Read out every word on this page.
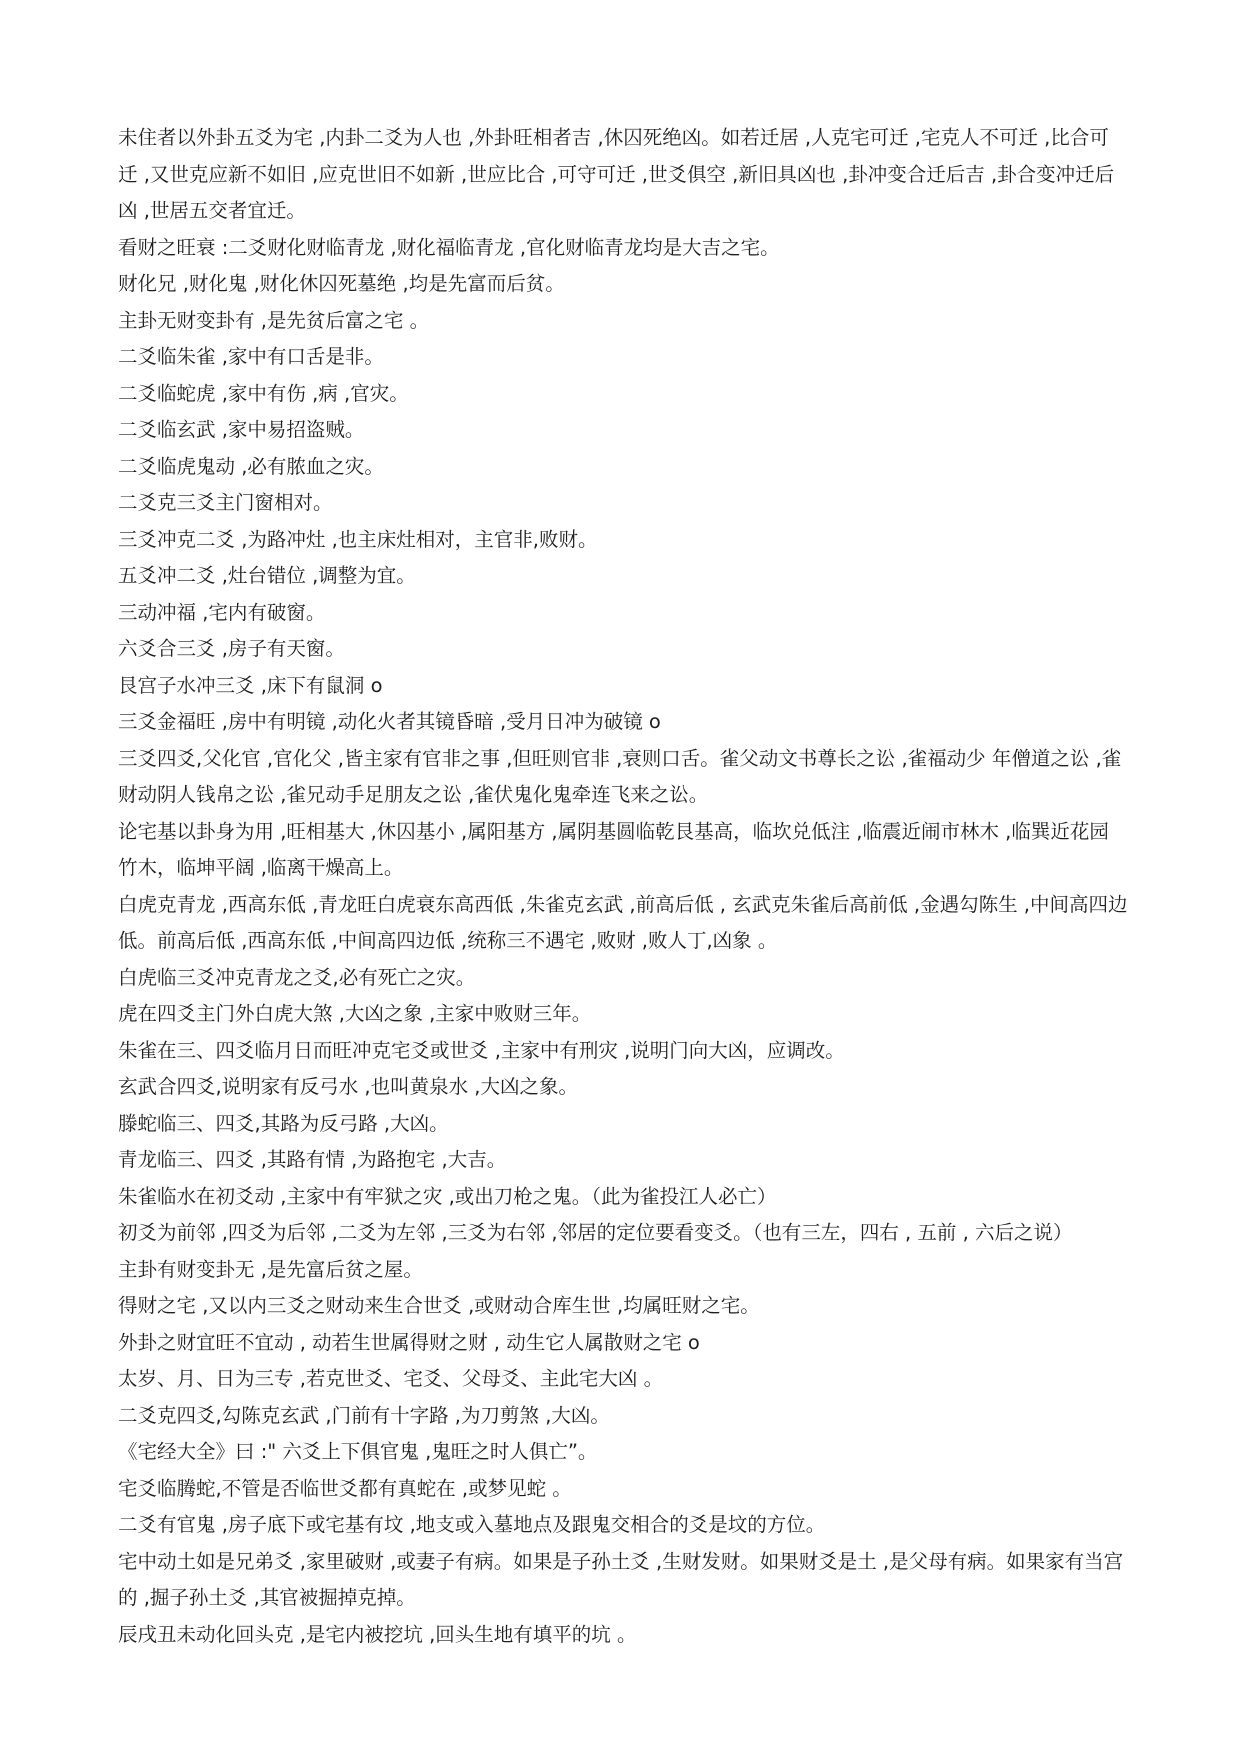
未住者以外卦五爻为宅 ,内卦二爻为人也 ,外卦旺相者吉 ,休囚死绝凶。如若迁居 ,人克宅可迁 ,宅克人不可迁 ,比合可迁 ,又世克应新不如旧 ,应克世旧不如新 ,世应比合 ,可守可迁 ,世爻俱空 ,新旧具凶也 ,卦冲变合迁后吉 ,卦合变冲迁后凶 ,世居五交者宜迁。

看财之旺衰 :二爻财化财临青龙 ,财化福临青龙 ,官化财临青龙均是大吉之宅。

财化兄 ,财化鬼 ,财化休囚死墓绝 ,均是先富而后贫。

主卦无财变卦有 ,是先贫后富之宅 。

二爻临朱雀 ,家中有口舌是非。

二爻临蛇虎 ,家中有伤 ,病 ,官灾。

二爻临玄武 ,家中易招盗贼。

二爻临虎鬼动 ,必有脓血之灾。

二爻克三爻主门窗相对。

三爻冲克二爻 ,为路冲灶 ,也主床灶相对，主官非,败财。

五爻冲二爻 ,灶台错位 ,调整为宜。

三动冲福 ,宅内有破窗。

六爻合三爻 ,房子有天窗。

艮宫子水冲三爻 ,床下有鼠洞 o

三爻金福旺 ,房中有明镜 ,动化火者其镜昏暗 ,受月日冲为破镜 o

三爻四爻,父化官 ,官化父 ,皆主家有官非之事 ,但旺则官非 ,衰则口舌。雀父动文书尊长之讼 ,雀福动少 年僧道之讼 ,雀财动阴人钱帛之讼 ,雀兄动手足朋友之讼 ,雀伏鬼化鬼牵连飞来之讼。

论宅基以卦身为用 ,旺相基大 ,休囚基小 ,属阳基方 ,属阴基圆临乾艮基高，临坎兑低注 ,临震近闹市林木 ,临巽近花园竹木，临坤平阔 ,临离干燥高上。

白虎克青龙 ,西高东低 ,青龙旺白虎衰东高西低 ,朱雀克玄武 ,前高后低 , 玄武克朱雀后高前低 ,金遇勾陈生 ,中间高四边低。前高后低 ,西高东低 ,中间高四边低 ,统称三不遇宅 ,败财 ,败人丁,凶象 。

白虎临三爻冲克青龙之爻,必有死亡之灾。

虎在四爻主门外白虎大煞 ,大凶之象 ,主家中败财三年。

朱雀在三、四爻临月日而旺冲克宅爻或世爻 ,主家中有刑灾 ,说明门向大凶，应调改。

玄武合四爻,说明家有反弓水 ,也叫黄泉水 ,大凶之象。

滕蛇临三、四爻,其路为反弓路 ,大凶。

青龙临三、四爻 ,其路有情 ,为路抱宅 ,大吉。

朱雀临水在初爻动 ,主家中有牢狱之灾 ,或出刀枪之鬼。（此为雀投江人必亡）

初爻为前邻 ,四爻为后邻 ,二爻为左邻 ,三爻为右邻 ,邻居的定位要看变爻。（也有三左，四右 , 五前 , 六后之说）

主卦有财变卦无 ,是先富后贫之屋。

得财之宅 ,又以内三爻之财动来生合世爻 ,或财动合库生世 ,均属旺财之宅。

外卦之财宜旺不宜动 , 动若生世属得财之财 , 动生它人属散财之宅 o

太岁、月、日为三专 ,若克世爻、宅爻、父母爻、主此宅大凶 。

二爻克四爻,勾陈克玄武 ,门前有十字路 ,为刀剪煞 ,大凶。

《宅经大全》曰 :" 六爻上下俱官鬼 ,鬼旺之时人俱亡”。

宅爻临腾蛇,不管是否临世爻都有真蛇在 ,或梦见蛇 。

二爻有官鬼 ,房子底下或宅基有坟 ,地支或入墓地点及跟鬼交相合的爻是坟的方位。

宅中动土如是兄弟爻 ,家里破财 ,或妻子有病。如果是子孙土爻 ,生财发财。如果财爻是土 ,是父母有病。如果家有当宫的 ,掘子孙土爻 ,其官被掘掉克掉。

辰戌丑未动化回头克 ,是宅内被挖坑 ,回头生地有填平的坑 。
